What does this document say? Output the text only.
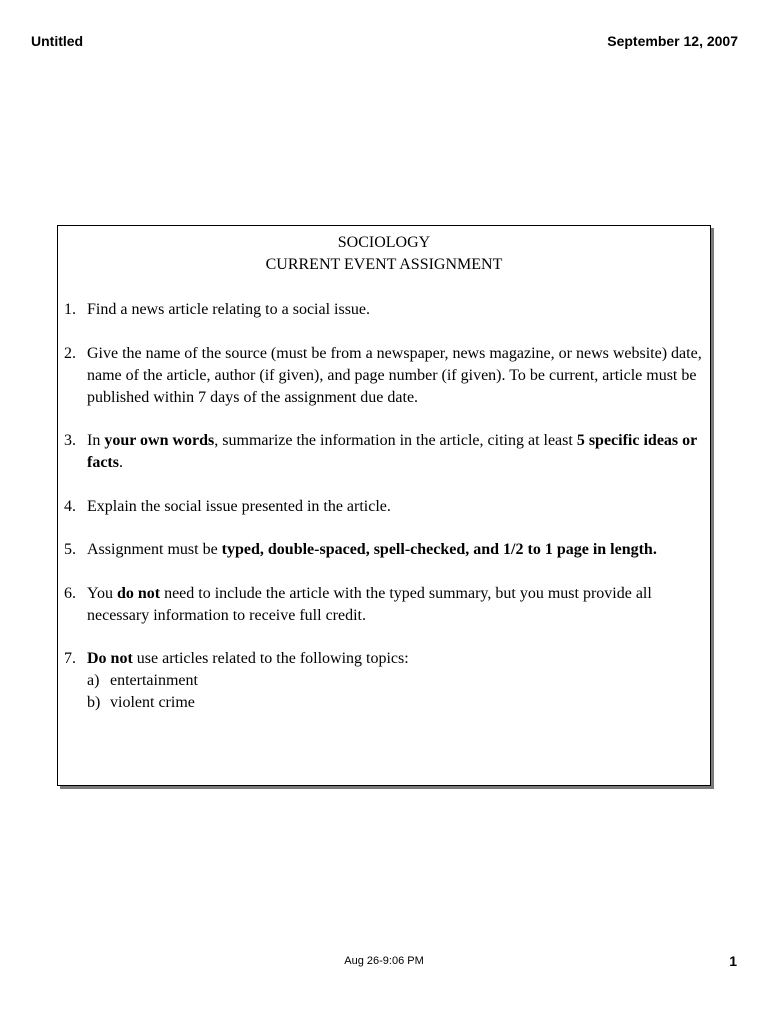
Untitled	September 12, 2007
SOCIOLOGY
CURRENT EVENT ASSIGNMENT
1. Find a news article relating to a social issue.
2. Give the name of the source (must be from a newspaper, news magazine, or news website) date, name of the article, author (if given), and page number (if given). To be current, article must be published within 7 days of the assignment due date.
3. In your own words, summarize the information in the article, citing at least 5 specific ideas or facts.
4. Explain the social issue presented in the article.
5. Assignment must be typed, double-spaced, spell-checked, and 1/2 to 1 page in length.
6. You do not need to include the article with the typed summary, but you must provide all necessary information to receive full credit.
7. Do not use articles related to the following topics:
a) entertainment
b) violent crime
Aug 26-9:06 PM	1
